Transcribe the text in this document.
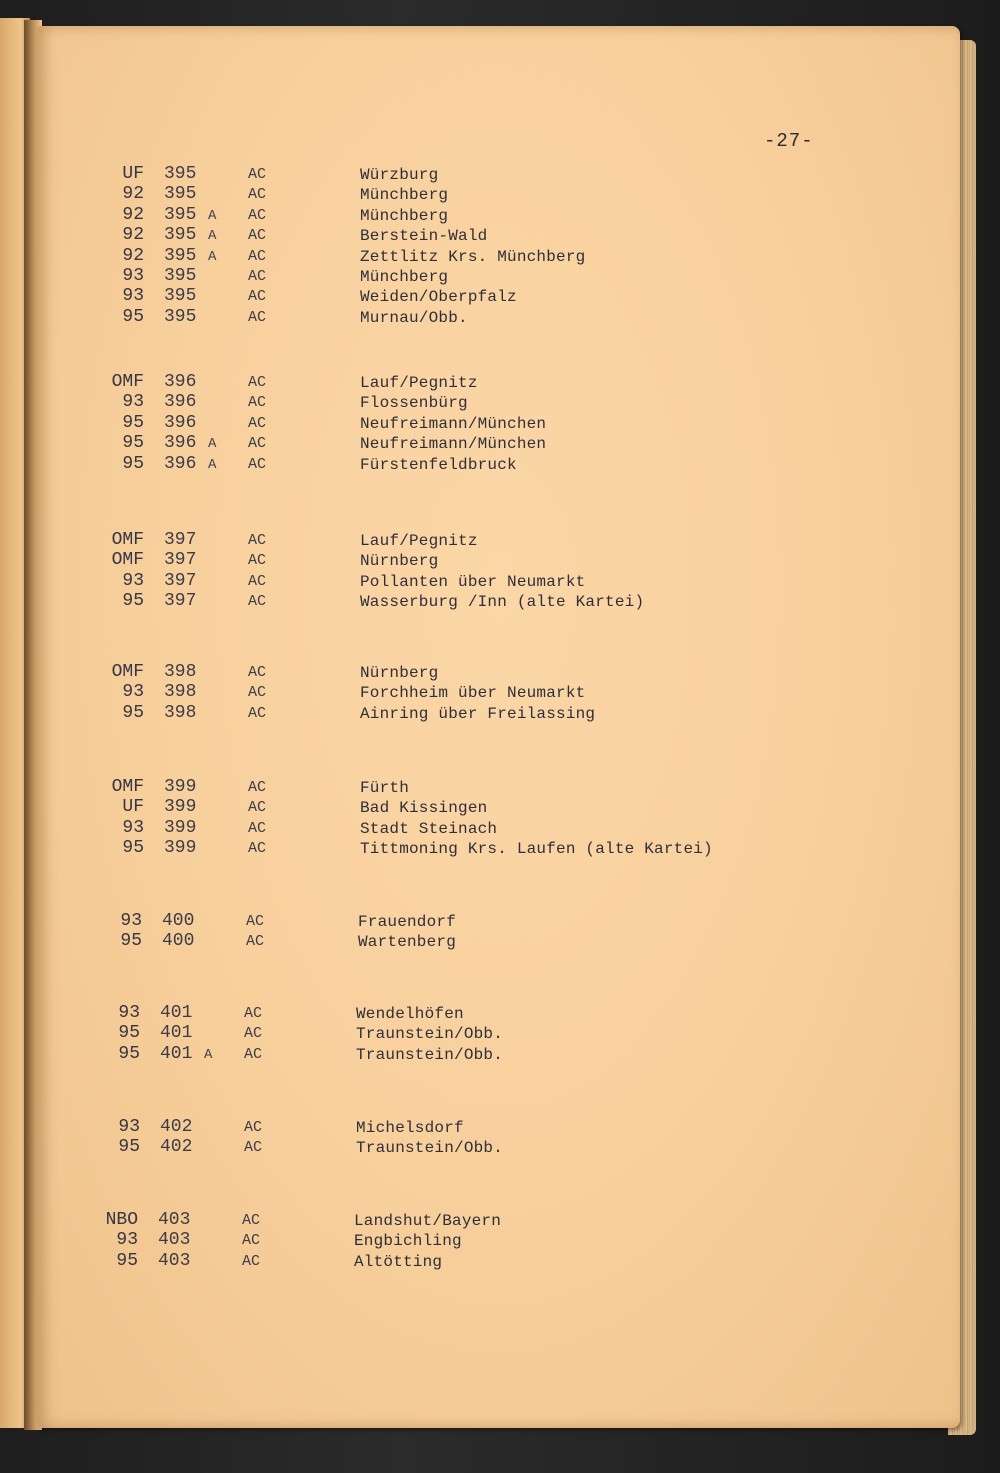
-27-
UF 395	AC	Würzburg
92 395	AC	Münchberg
92 395 A AC	Münchberg
92 395 A AC	Berstein-Wald
92 395 A AC	Zettlitz Krs. Münchberg
93 395	AC	Münchberg
93 395	AC	Weiden/Oberpfalz
95 395	AC	Murnau/Obb.
OMF 396	AC	Lauf/Pegnitz
93 396	AC	Flossenbürg
95 396	AC	Neufreimann/München
95 396 A AC	Neufreimann/München
95 396 A AC	Fürstenfeldbruck
OMF 397	AC	Lauf/Pegnitz
OMF 397	AC	Nürnberg
93 397	AC	Pollanten über Neumarkt
95 397	AC	Wasserburg /Inn (alte Kartei)
OMF 398	AC	Nürnberg
93 398	AC	Forchheim über Neumarkt
95 398	AC	Ainring über Freilassing
OMF 399	AC	Fürth
UF 399	AC	Bad Kissingen
93 399	AC	Stadt Steinach
95 399	AC	Tittmoning Krs. Laufen (alte Kartei)
93 400	AC	Frauendorf
95 400	AC	Wartenberg
93 401	AC	Wendelhöfen
95 401	AC	Traunstein/Obb.
95 401 A AC	Traunstein/Obb.
93 402	AC	Michelsdorf
95 402	AC	Traunstein/Obb.
NBO 403	AC	Landshut/Bayern
93 403	AC	Engbichling
95 403	AC	Altötting
